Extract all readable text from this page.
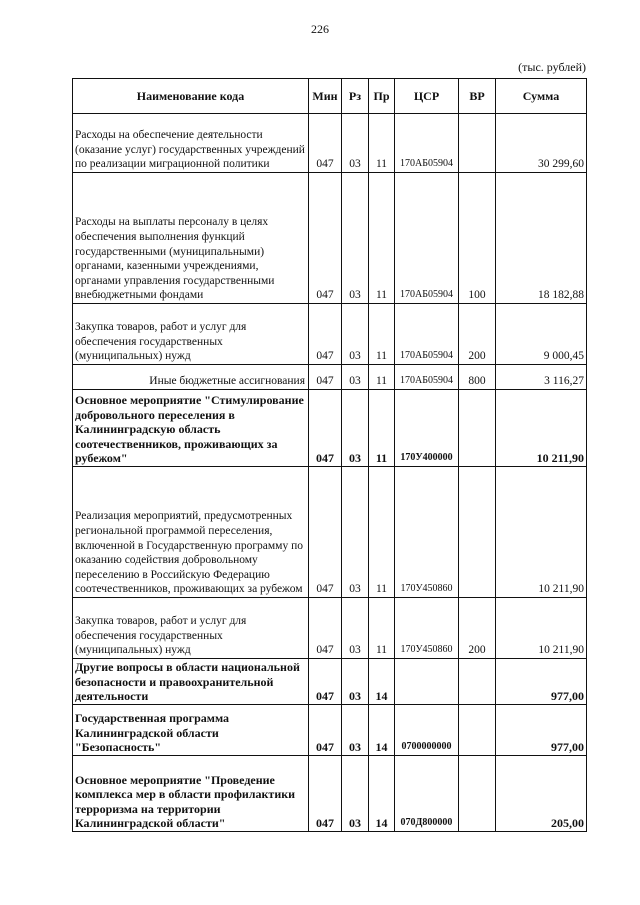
226
(тыс. рублей)
Наименование кода	Мин	Рз	Пр	ЦСР	ВР	Сумма
Расходы на обеспечение деятельности (оказание услуг) государственных учреждений по реализации миграционной политики	047	03	11	170АБ05904		30 299,60
Расходы на выплаты персоналу в целях обеспечения выполнения функций государственными (муниципальными) органами, казенными учреждениями, органами управления государственными внебюджетными фондами	047	03	11	170АБ05904	100	18 182,88
Закупка товаров, работ и услуг для обеспечения государственных (муниципальных) нужд	047	03	11	170АБ05904	200	9 000,45
Иные бюджетные ассигнования	047	03	11	170АБ05904	800	3 116,27
Основное мероприятие "Стимулирование добровольного переселения в Калининградскую область соотечественников, проживающих за рубежом"	047	03	11	170У400000		10 211,90
Реализация мероприятий, предусмотренных региональной программой переселения, включенной в Государственную программу по оказанию содействия добровольному переселению в Российскую Федерацию соотечественников, проживающих за рубежом	047	03	11	170У450860		10 211,90
Закупка товаров, работ и услуг для обеспечения государственных (муниципальных) нужд	047	03	11	170У450860	200	10 211,90
Другие вопросы в области национальной безопасности и правоохранительной деятельности	047	03	14			977,00
Государственная программа Калининградской области "Безопасность"	047	03	14	0700000000		977,00
Основное мероприятие "Проведение комплекса мер в области профилактики терроризма на территории Калининградской области"	047	03	14	070Д800000		205,00
